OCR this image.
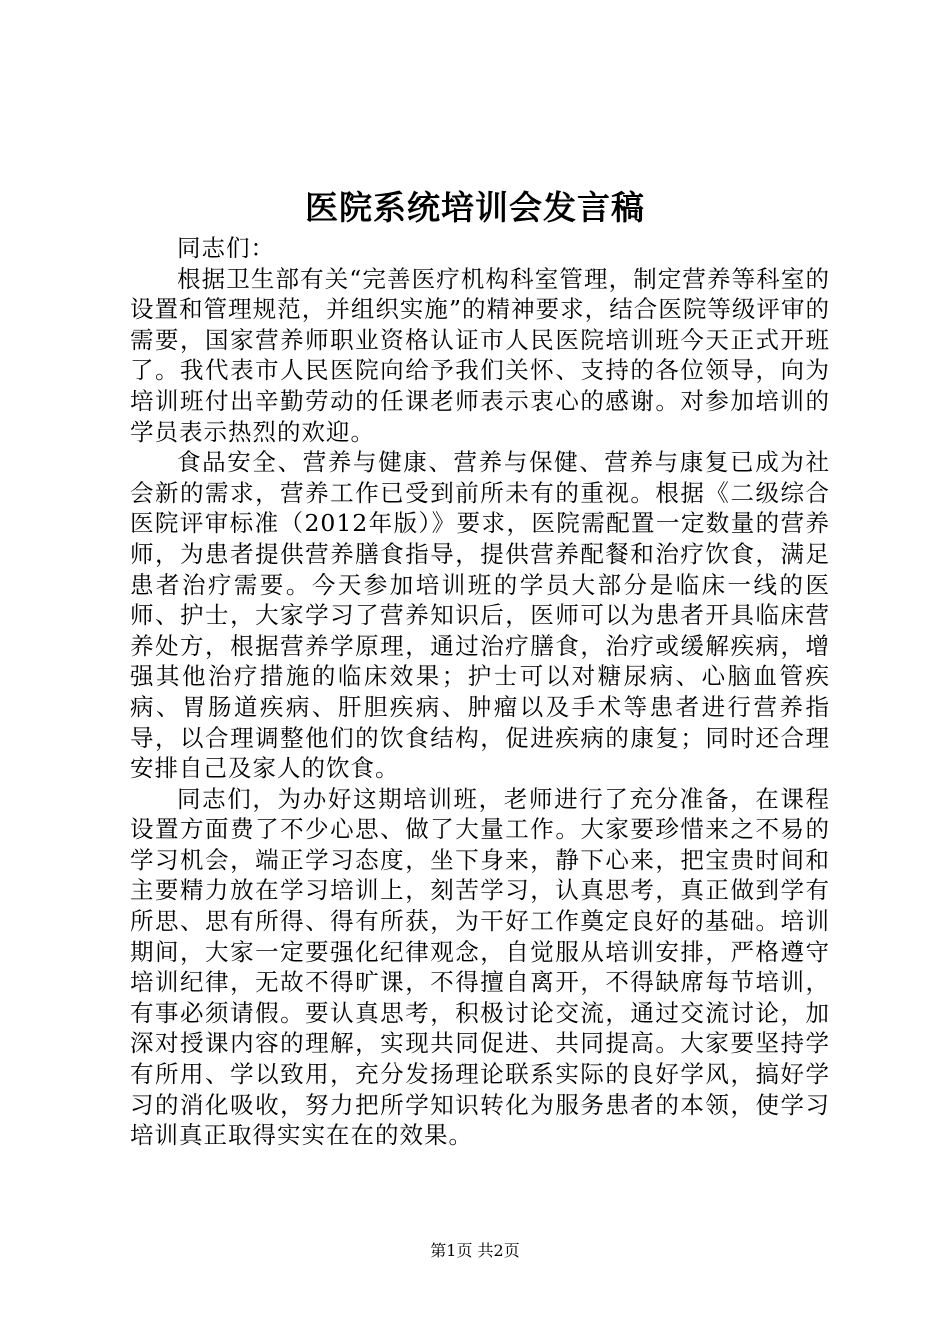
医院系统培训会发言稿

同志们：

根据卫生部有关“完善医疗机构科室管理，制定营养等科室的设置和管理规范，并组织实施”的精神要求，结合医院等级评审的需要，国家营养师职业资格认证市人民医院培训班今天正式开班了。我代表市人民医院向给予我们关怀、支持的各位领导，向为培训班付出辛勤劳动的任课老师表示衷心的感谢。对参加培训的学员表示热烈的欢迎。

食品安全、营养与健康、营养与保健、营养与康复已成为社会新的需求，营养工作已受到前所未有的重视。根据《二级综合医院评审标准（2012年版）》要求，医院需配置一定数量的营养师，为患者提供营养膳食指导，提供营养配餐和治疗饮食，满足患者治疗需要。今天参加培训班的学员大部分是临床一线的医师、护士，大家学习了营养知识后，医师可以为患者开具临床营养处方，根据营养学原理，通过治疗膳食，治疗或缓解疾病，增强其他治疗措施的临床效果；护士可以对糖尿病、心脑血管疾病、胃肠道疾病、肝胆疾病、肿瘤以及手术等患者进行营养指导，以合理调整他们的饮食结构，促进疾病的康复；同时还合理安排自己及家人的饮食。

同志们，为办好这期培训班，老师进行了充分准备，在课程设置方面费了不少心思、做了大量工作。大家要珍惜来之不易的学习机会，端正学习态度，坐下身来，静下心来，把宝贵时间和主要精力放在学习培训上，刻苦学习，认真思考，真正做到学有所思、思有所得、得有所获，为干好工作奠定良好的基础。培训期间，大家一定要强化纪律观念，自觉服从培训安排，严格遵守培训纪律，无故不得旷课，不得擅自离开，不得缺席每节培训，有事必须请假。要认真思考，积极讨论交流，通过交流讨论，加深对授课内容的理解，实现共同促进、共同提高。大家要坚持学有所用、学以致用，充分发扬理论联系实际的良好学风，搞好学习的消化吸收，努力把所学知识转化为服务患者的本领，使学习培训真正取得实实在在的效果。

第1页 共2页
